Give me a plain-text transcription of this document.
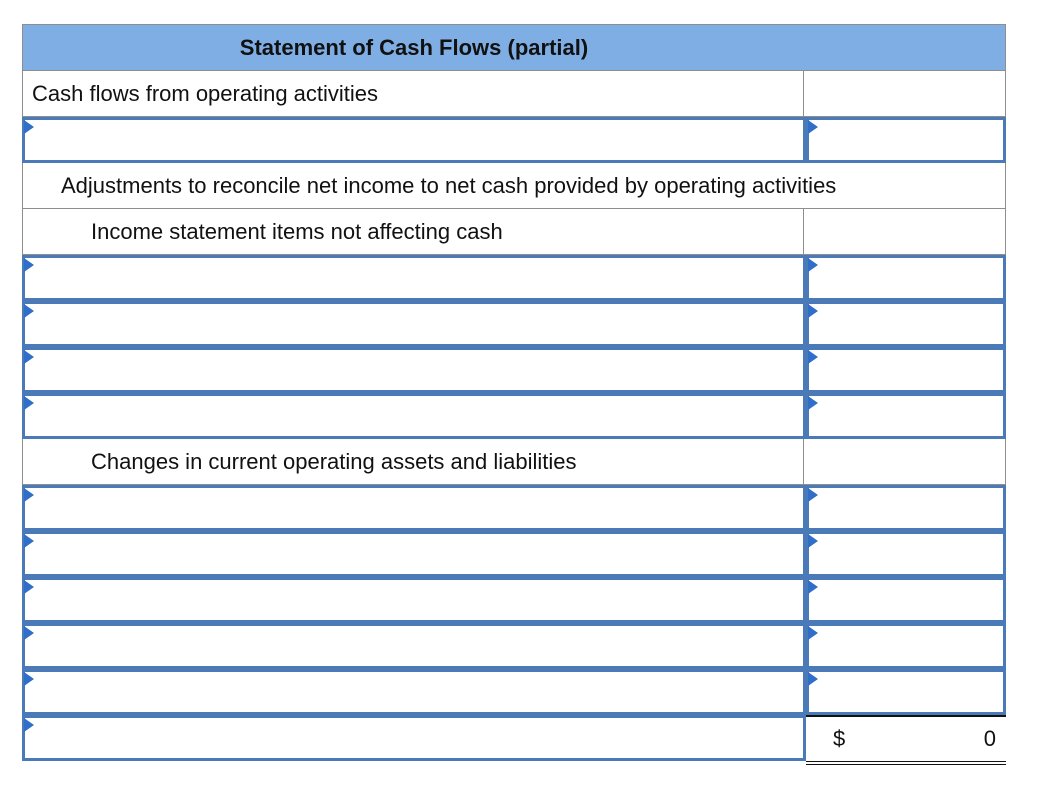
Statement of Cash Flows (partial)
Cash flows from operating activities
Adjustments to reconcile net income to net cash provided by operating activities
Income statement items not affecting cash
Changes in current operating assets and liabilities
$	0
